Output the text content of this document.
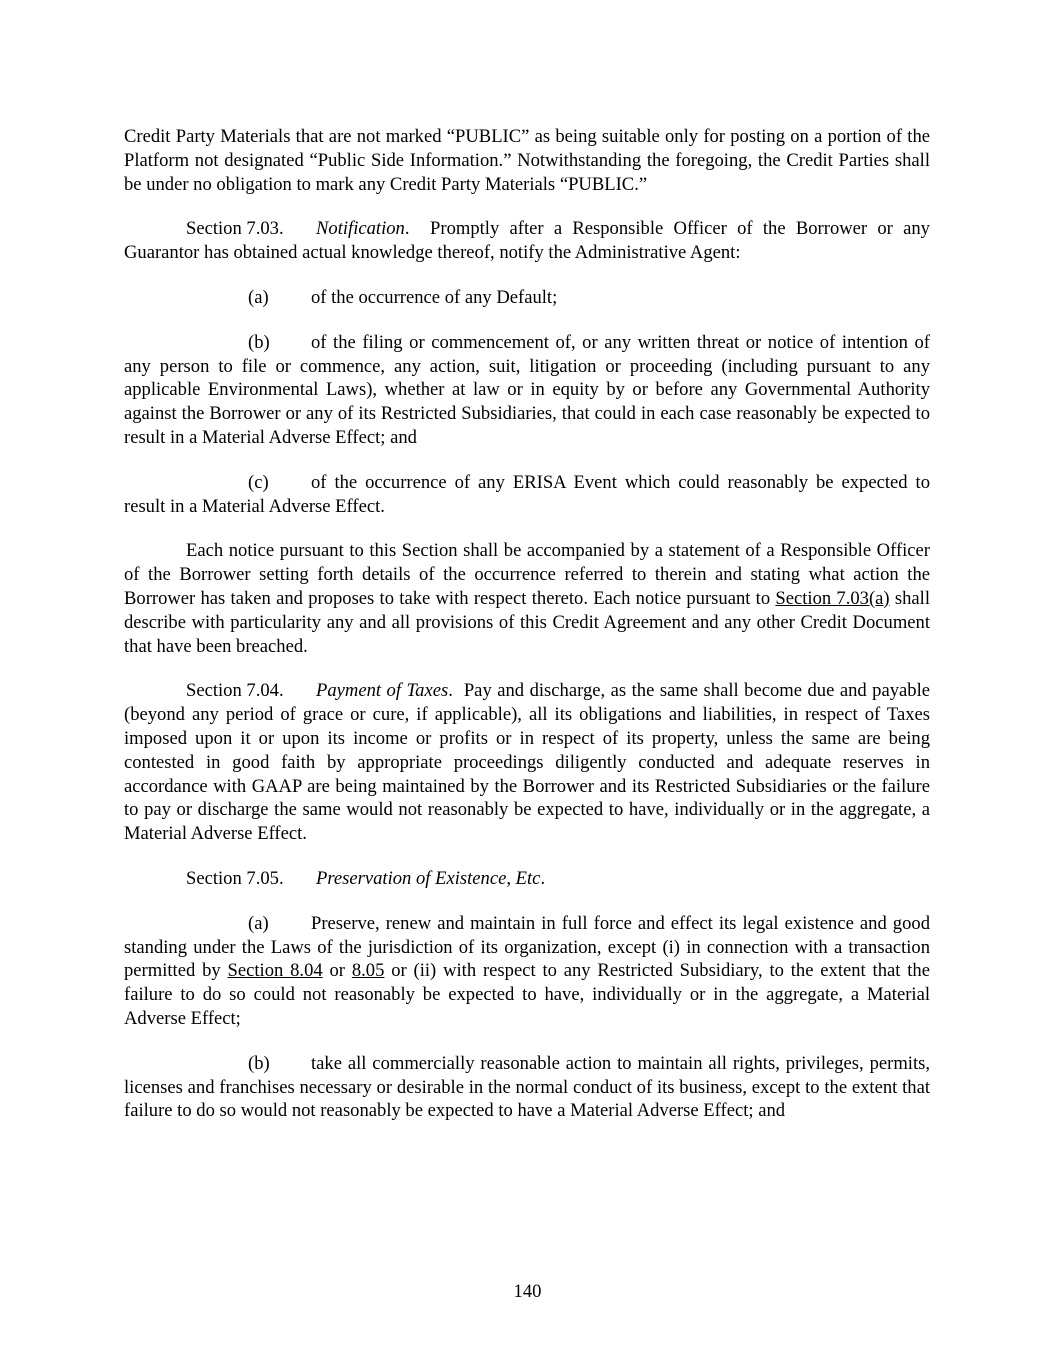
Credit Party Materials that are not marked “PUBLIC” as being suitable only for posting on a portion of the Platform not designated “Public Side Information.” Notwithstanding the foregoing, the Credit Parties shall be under no obligation to mark any Credit Party Materials “PUBLIC.”

Section 7.03. Notification.  Promptly after a Responsible Officer of the Borrower or any Guarantor has obtained actual knowledge thereof, notify the Administrative Agent:

(a) of the occurrence of any Default;

(b) of the filing or commencement of, or any written threat or notice of intention of any person to file or commence, any action, suit, litigation or proceeding (including pursuant to any applicable Environmental Laws), whether at law or in equity by or before any Governmental Authority against the Borrower or any of its Restricted Subsidiaries, that could in each case reasonably be expected to result in a Material Adverse Effect; and

(c) of the occurrence of any ERISA Event which could reasonably be expected to result in a Material Adverse Effect.

Each notice pursuant to this Section shall be accompanied by a statement of a Responsible Officer of the Borrower setting forth details of the occurrence referred to therein and stating what action the Borrower has taken and proposes to take with respect thereto. Each notice pursuant to Section 7.03(a) shall describe with particularity any and all provisions of this Credit Agreement and any other Credit Document that have been breached.

Section 7.04. Payment of Taxes.  Pay and discharge, as the same shall become due and payable (beyond any period of grace or cure, if applicable), all its obligations and liabilities, in respect of Taxes imposed upon it or upon its income or profits or in respect of its property, unless the same are being contested in good faith by appropriate proceedings diligently conducted and adequate reserves in accordance with GAAP are being maintained by the Borrower and its Restricted Subsidiaries or the failure to pay or discharge the same would not reasonably be expected to have, individually or in the aggregate, a Material Adverse Effect.

Section 7.05. Preservation of Existence, Etc.

(a) Preserve, renew and maintain in full force and effect its legal existence and good standing under the Laws of the jurisdiction of its organization, except (i) in connection with a transaction permitted by Section 8.04 or 8.05 or (ii) with respect to any Restricted Subsidiary, to the extent that the failure to do so could not reasonably be expected to have, individually or in the aggregate, a Material Adverse Effect;

(b) take all commercially reasonable action to maintain all rights, privileges, permits, licenses and franchises necessary or desirable in the normal conduct of its business, except to the extent that failure to do so would not reasonably be expected to have a Material Adverse Effect; and

140
